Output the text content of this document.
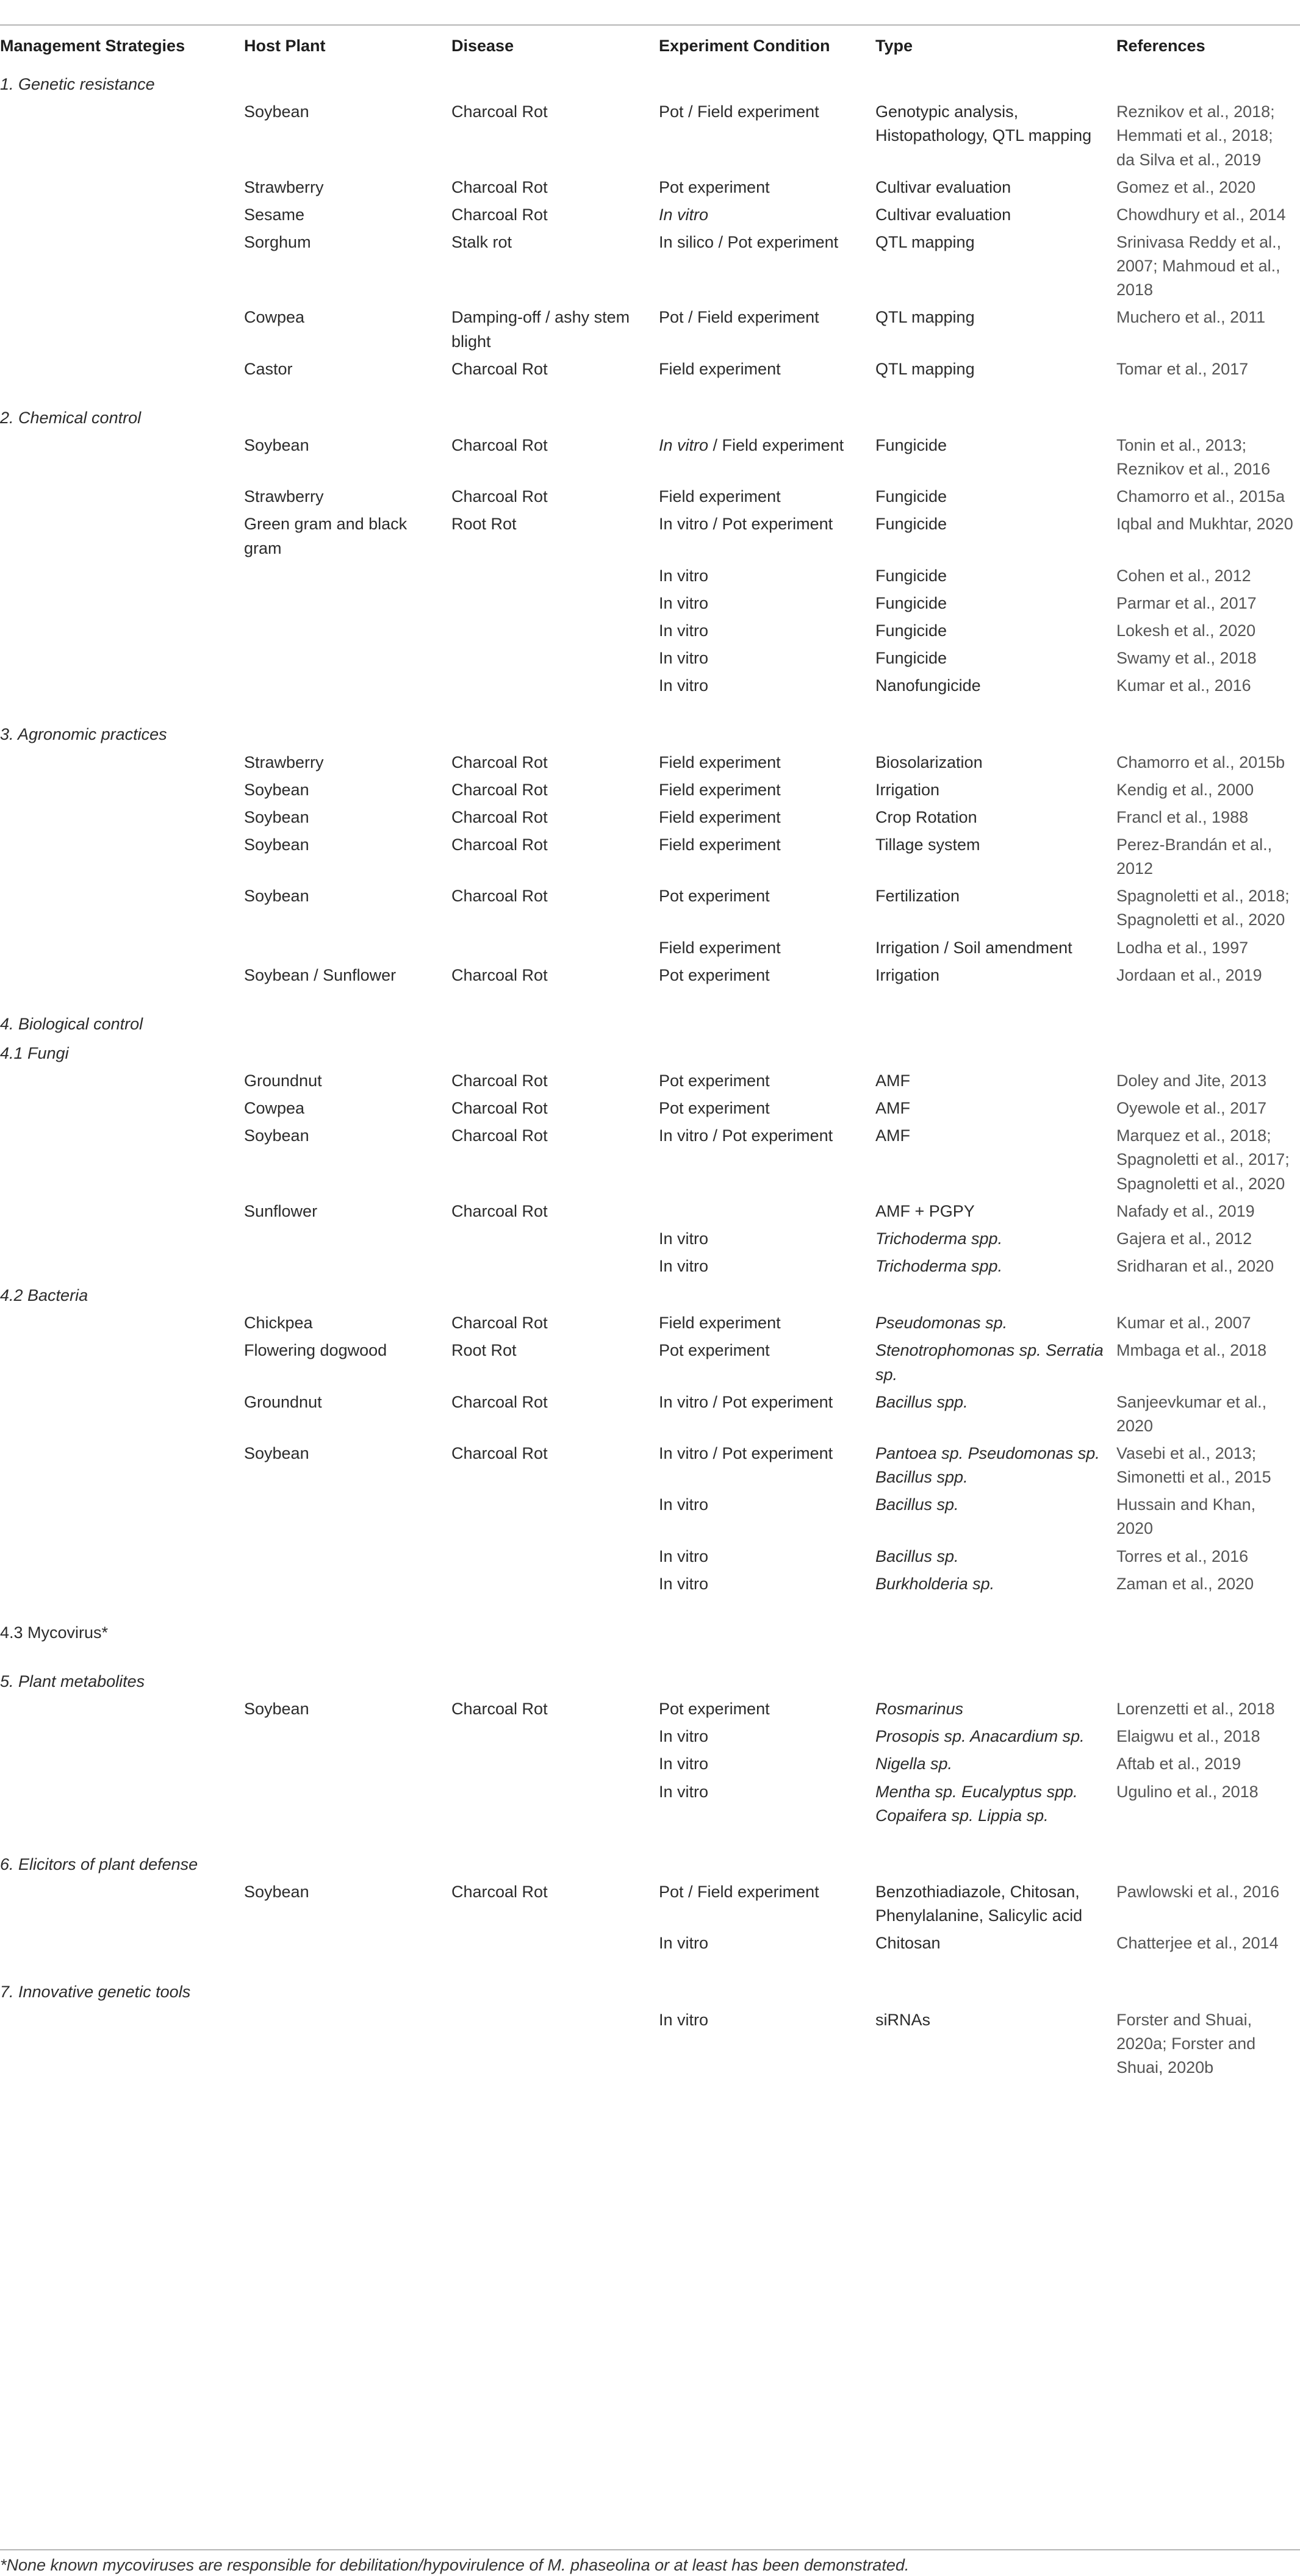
Management Strategies	Host Plant	Disease	Experiment Condition	Type	References
1. Genetic resistance					
	Soybean	Charcoal Rot	Pot / Field experiment	Genotypic analysis, Histopathology, QTL mapping	Reznikov et al., 2018; Hemmati et al., 2018; da Silva et al., 2019
	Strawberry	Charcoal Rot	Pot experiment	Cultivar evaluation	Gomez et al., 2020
	Sesame	Charcoal Rot	In vitro	Cultivar evaluation	Chowdhury et al., 2014
	Sorghum	Stalk rot	In silico / Pot experiment	QTL mapping	Srinivasa Reddy et al., 2007; Mahmoud et al., 2018
	Cowpea	Damping-off / ashy stem blight	Pot / Field experiment	QTL mapping	Muchero et al., 2011
	Castor	Charcoal Rot	Field experiment	QTL mapping	Tomar et al., 2017
2. Chemical control					
	Soybean	Charcoal Rot	In vitro / Field experiment	Fungicide	Tonin et al., 2013; Reznikov et al., 2016
	Strawberry	Charcoal Rot	Field experiment	Fungicide	Chamorro et al., 2015a
	Green gram and black gram	Root Rot	In vitro / Pot experiment	Fungicide	Iqbal and Mukhtar, 2020
			In vitro	Fungicide	Cohen et al., 2012
			In vitro	Fungicide	Parmar et al., 2017
			In vitro	Fungicide	Lokesh et al., 2020
			In vitro	Fungicide	Swamy et al., 2018
			In vitro	Nanofungicide	Kumar et al., 2016
3. Agronomic practices					
	Strawberry	Charcoal Rot	Field experiment	Biosolarization	Chamorro et al., 2015b
	Soybean	Charcoal Rot	Field experiment	Irrigation	Kendig et al., 2000
	Soybean	Charcoal Rot	Field experiment	Crop Rotation	Francl et al., 1988
	Soybean	Charcoal Rot	Field experiment	Tillage system	Perez-Brandán et al., 2012
	Soybean	Charcoal Rot	Pot experiment	Fertilization	Spagnoletti et al., 2018; Spagnoletti et al., 2020
			Field experiment	Irrigation / Soil amendment	Lodha et al., 1997
	Soybean / Sunflower	Charcoal Rot	Pot experiment	Irrigation	Jordaan et al., 2019
4. Biological control					
4.1 Fungi					
	Groundnut	Charcoal Rot	Pot experiment	AMF	Doley and Jite, 2013
	Cowpea	Charcoal Rot	Pot experiment	AMF	Oyewole et al., 2017
	Soybean	Charcoal Rot	In vitro / Pot experiment	AMF	Marquez et al., 2018; Spagnoletti et al., 2017; Spagnoletti et al., 2020
	Sunflower	Charcoal Rot		AMF + PGPY	Nafady et al., 2019
			In vitro	Trichoderma spp.	Gajera et al., 2012
			In vitro	Trichoderma spp.	Sridharan et al., 2020
4.2 Bacteria					
	Chickpea	Charcoal Rot	Field experiment	Pseudomonas sp.	Kumar et al., 2007
	Flowering dogwood	Root Rot	Pot experiment	Stenotrophomonas sp. Serratia sp.	Mmbaga et al., 2018
	Groundnut	Charcoal Rot	In vitro / Pot experiment	Bacillus spp.	Sanjeevkumar et al., 2020
	Soybean	Charcoal Rot	In vitro / Pot experiment	Pantoea sp. Pseudomonas sp. Bacillus spp.	Vasebi et al., 2013; Simonetti et al., 2015
			In vitro	Bacillus sp.	Hussain and Khan, 2020
			In vitro	Bacillus sp.	Torres et al., 2016
			In vitro	Burkholderia sp.	Zaman et al., 2020
4.3 Mycovirus*					
5. Plant metabolites					
	Soybean	Charcoal Rot	Pot experiment	Rosmarinus	Lorenzetti et al., 2018
			In vitro	Prosopis sp. Anacardium sp.	Elaigwu et al., 2018
			In vitro	Nigella sp.	Aftab et al., 2019
			In vitro	Mentha sp. Eucalyptus spp. Copaifera sp. Lippia sp.	Ugulino et al., 2018
6. Elicitors of plant defense					
	Soybean	Charcoal Rot	Pot / Field experiment	Benzothiadiazole, Chitosan, Phenylalanine, Salicylic acid	Pawlowski et al., 2016
			In vitro	Chitosan	Chatterjee et al., 2014
7. Innovative genetic tools					
			In vitro	siRNAs	Forster and Shuai, 2020a; Forster and Shuai, 2020b
*None known mycoviruses are responsible for debilitation/hypovirulence of M. phaseolina or at least has been demonstrated.
